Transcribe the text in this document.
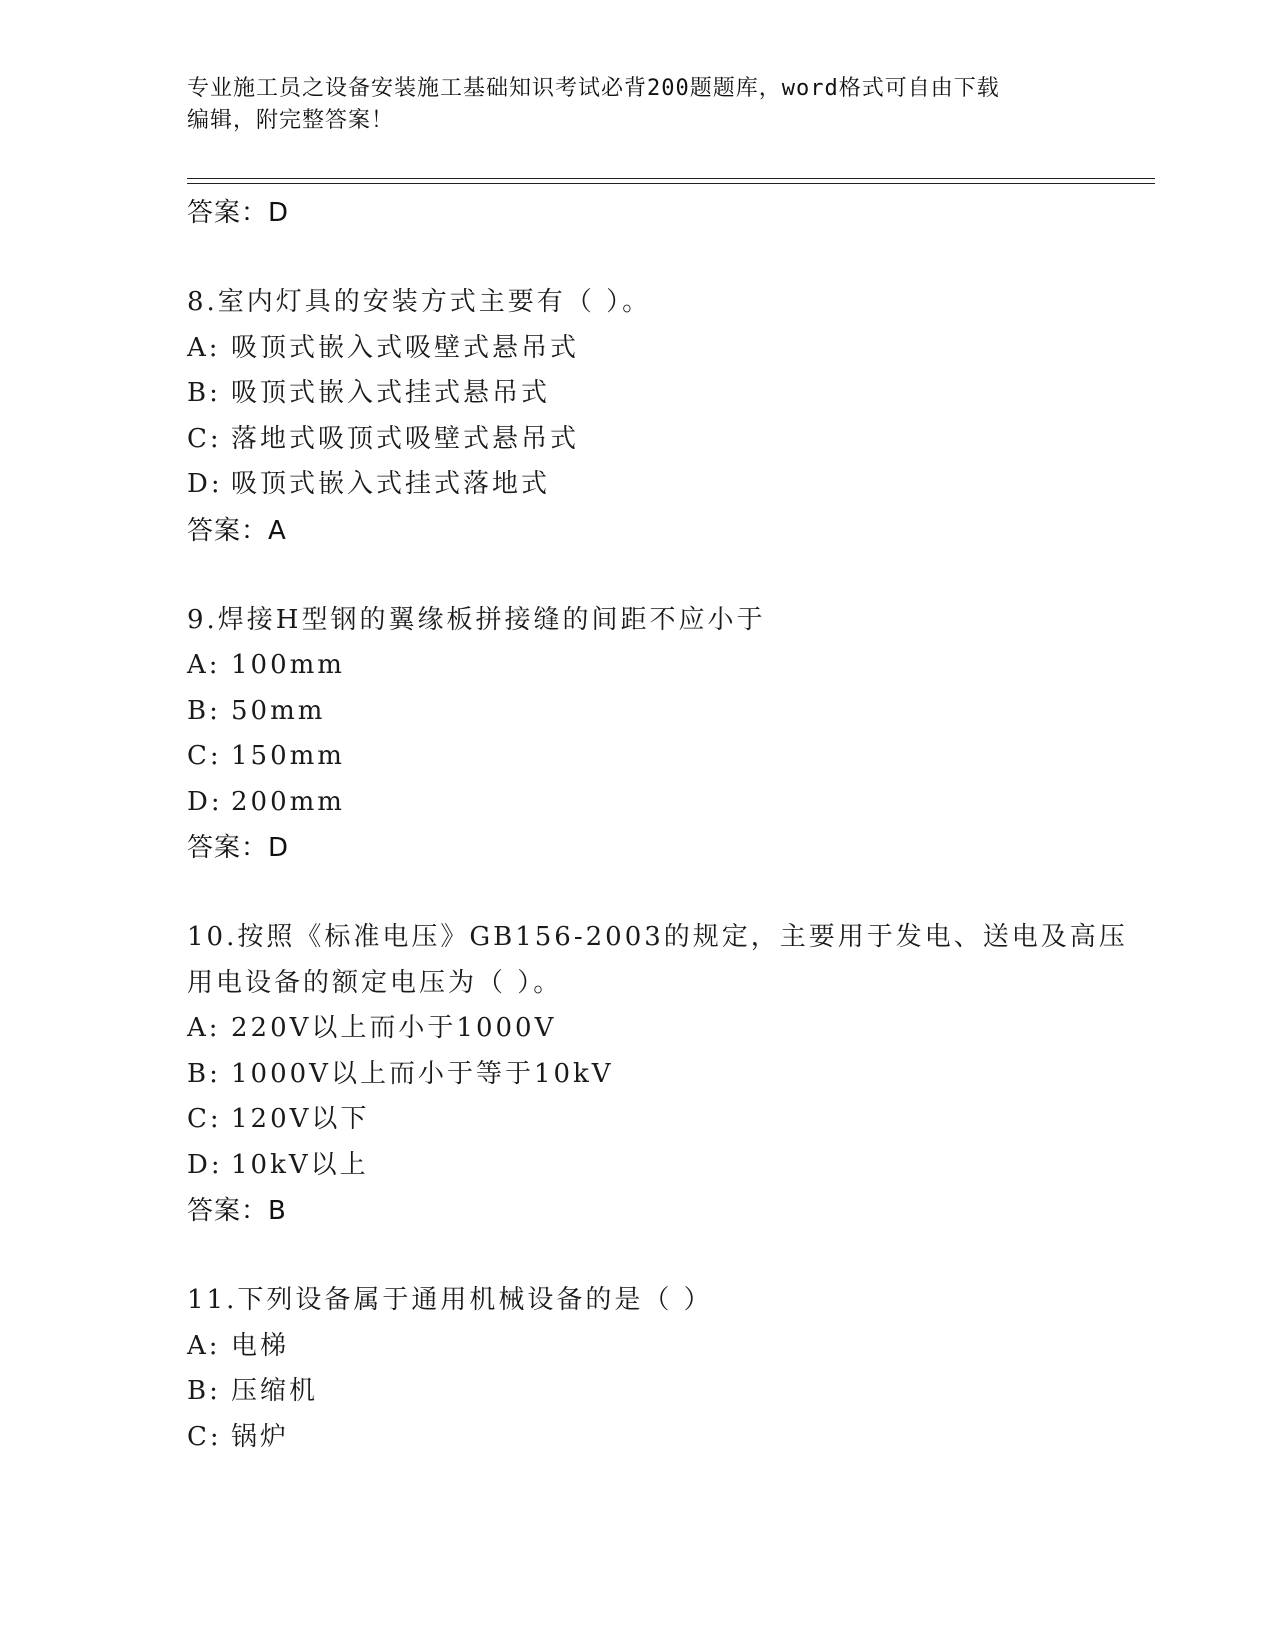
专业施工员之设备安装施工基础知识考试必背200题题库，word格式可自由下载
编辑，附完整答案！
答案：D
8.室内灯具的安装方式主要有（ ）。
A: 吸顶式嵌入式吸壁式悬吊式
B: 吸顶式嵌入式挂式悬吊式
C: 落地式吸顶式吸壁式悬吊式
D: 吸顶式嵌入式挂式落地式
答案：A
9.焊接H型钢的翼缘板拼接缝的间距不应小于
A: 100mm
B: 50mm
C: 150mm
D: 200mm
答案：D
10.按照《标准电压》GB156-2003的规定，主要用于发电、送电及高压
用电设备的额定电压为（ ）。
A: 220V以上而小于1000V
B: 1000V以上而小于等于10kV
C: 120V以下
D: 10kV以上
答案：B
11.下列设备属于通用机械设备的是（ ）
A: 电梯
B: 压缩机
C: 锅炉
